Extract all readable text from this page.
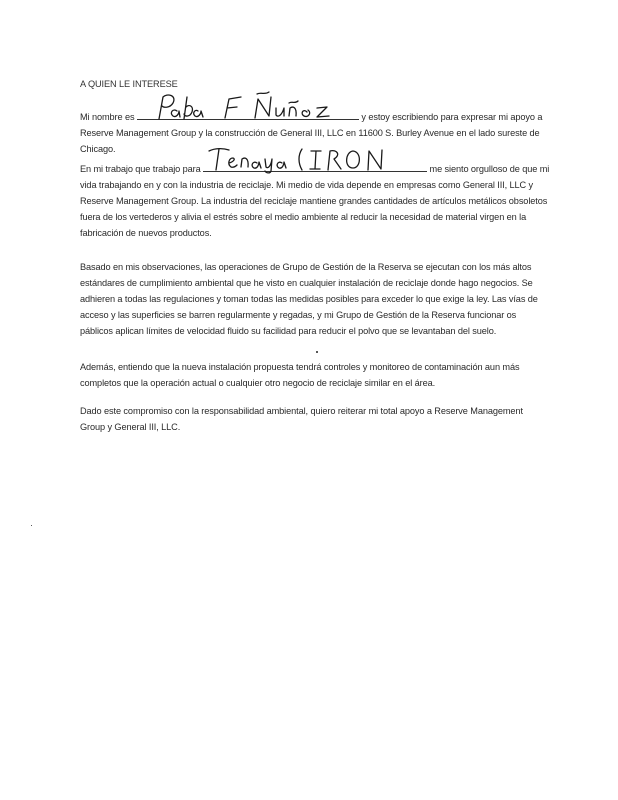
A QUIEN LE INTERESE

Mi nombre es	y estoy escribiendo para expresar mi apoyo a Reserve Management Group y la construcción de General III, LLC en 11600 S. Burley Avenue en el lado sureste de Chicago.

En mi trabajo que trabajo para	me siento orgulloso de que mi vida trabajando en y con la industria de reciclaje. Mi medio de vida depende en empresas como General III, LLC y Reserve Management Group. La industria del reciclaje mantiene grandes cantidades de artículos metálicos obsoletos fuera de los vertederos y alivia el estrés sobre el medio ambiente al reducir la necesidad de material virgen en la fabricación de nuevos productos.

Basado en mis observaciones, las operaciones de Grupo de Gestión de la Reserva se ejecutan con los más altos estándares de cumplimiento ambiental que he visto en cualquier instalación de reciclaje donde hago negocios. Se adhieren a todas las regulaciones y toman todas las medidas posibles para exceder lo que exige la ley. Las vías de acceso y las superficies se barren regularmente y regadas, y mi Grupo de Gestión de la Reserva funcionar os páblicos aplican límites de velocidad fluido su facilidad para reducir el polvo que se levantaban del suelo.

Además, entiendo que la nueva instalación propuesta tendrá controles y monitoreo de contaminación aun más completos que la operación actual o cualquier otro negocio de reciclaje similar en el área.

Dado este compromiso con la responsabilidad ambiental, quiero reiterar mi total apoyo a Reserve Management Group y General III, LLC.
